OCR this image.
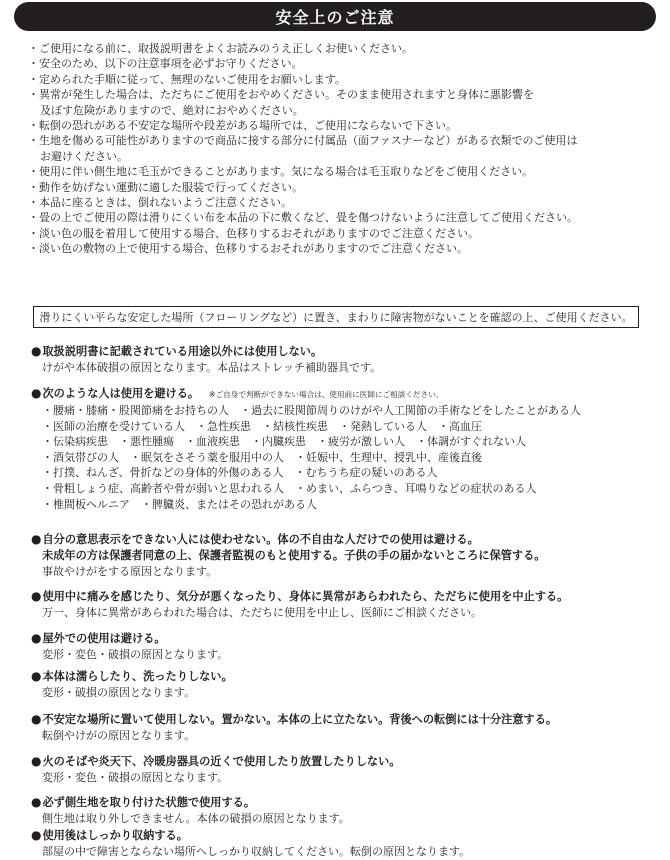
安全上のご注意
・ご使用になる前に、取扱説明書をよくお読みのうえ正しくお使いください。
・安全のため、以下の注意事項を必ずお守りください。
・定められた手順に従って、無理のないご使用をお願いします。
・異常が発生した場合は、ただちにご使用をおやめください。そのまま使用されますと身体に悪影響を
及ぼす危険がありますので、絶対におやめください。
・転倒の恐れがある不安定な場所や段差がある場所では、ご使用にならないで下さい。
・生地を傷める可能性がありますので商品に接する部分に付属品（面ファスナーなど）がある衣類でのご使用は
お避けください。
・使用に伴い側生地に毛玉ができることがあります。気になる場合は毛玉取りなどをご使用ください。
・動作を妨げない運動に適した服装で行ってください。
・本品に座るときは、倒れないようご注意ください。
・畳の上でご使用の際は滑りにくい布を本品の下に敷くなど、畳を傷つけないように注意してご使用ください。
・淡い色の服を着用して使用する場合、色移りするおそれがありますのでご注意ください。
・淡い色の敷物の上で使用する場合、色移りするおそれがありますのでご注意ください。
滑りにくい平らな安定した場所（フローリングなど）に置き、まわりに障害物がないことを確認の上、ご使用ください。
●取扱説明書に記載されている用途以外には使用しない。
けがや本体破損の原因となります。本品はストレッチ補助器具です。
●次のような人は使用を避ける。 ※ご自身で判断ができない場合は、使用前に医師にご相談ください。
・腰痛・膝痛・股関節痛をお持ちの人　・過去に股関節周りのけがや人工関節の手術などをしたことがある人
・医師の治療を受けている人　・急性疾患　・結核性疾患　・発熱している人　・高血圧
・伝染病疾患　・悪性腫瘍　・血液疾患　・内臓疾患　・疲労が激しい人　・体調がすぐれない人
・酒気帯びの人　・眠気をさそう薬を服用中の人　・妊娠中、生理中、授乳中、産後直後
・打撲、ねんざ、骨折などの身体的外傷のある人　・むちうち症の疑いのある人
・骨粗しょう症、高齢者や骨が弱いと思われる人　・めまい、ふらつき、耳鳴りなどの症状のある人
・椎間板ヘルニア　・脾臓炎、またはその恐れがある人
●自分の意思表示をできない人には使わせない。体の不自由な人だけでの使用は避ける。
未成年の方は保護者同意の上、保護者監視のもと使用する。子供の手の届かないところに保管する。
事故やけがをする原因となります。
●使用中に痛みを感じたり、気分が悪くなったり、身体に異常があらわれたら、ただちに使用を中止する。
万一、身体に異常があらわれた場合は、ただちに使用を中止し、医師にご相談ください。
●屋外での使用は避ける。
変形・変色・破損の原因となります。
●本体は濡らしたり、洗ったりしない。
変形・破損の原因となります。
●不安定な場所に置いて使用しない。置かない。本体の上に立たない。背後への転倒には十分注意する。
転倒やけがの原因となります。
●火のそばや炎天下、冷暖房器具の近くで使用したり放置したりしない。
変形・変色・破損の原因となります。
●必ず側生地を取り付けた状態で使用する。
側生地は取り外しできません。本体の破損の原因となります。
●使用後はしっかり収納する。
部屋の中で障害とならない場所へしっかり収納してください。転倒の原因となります。
